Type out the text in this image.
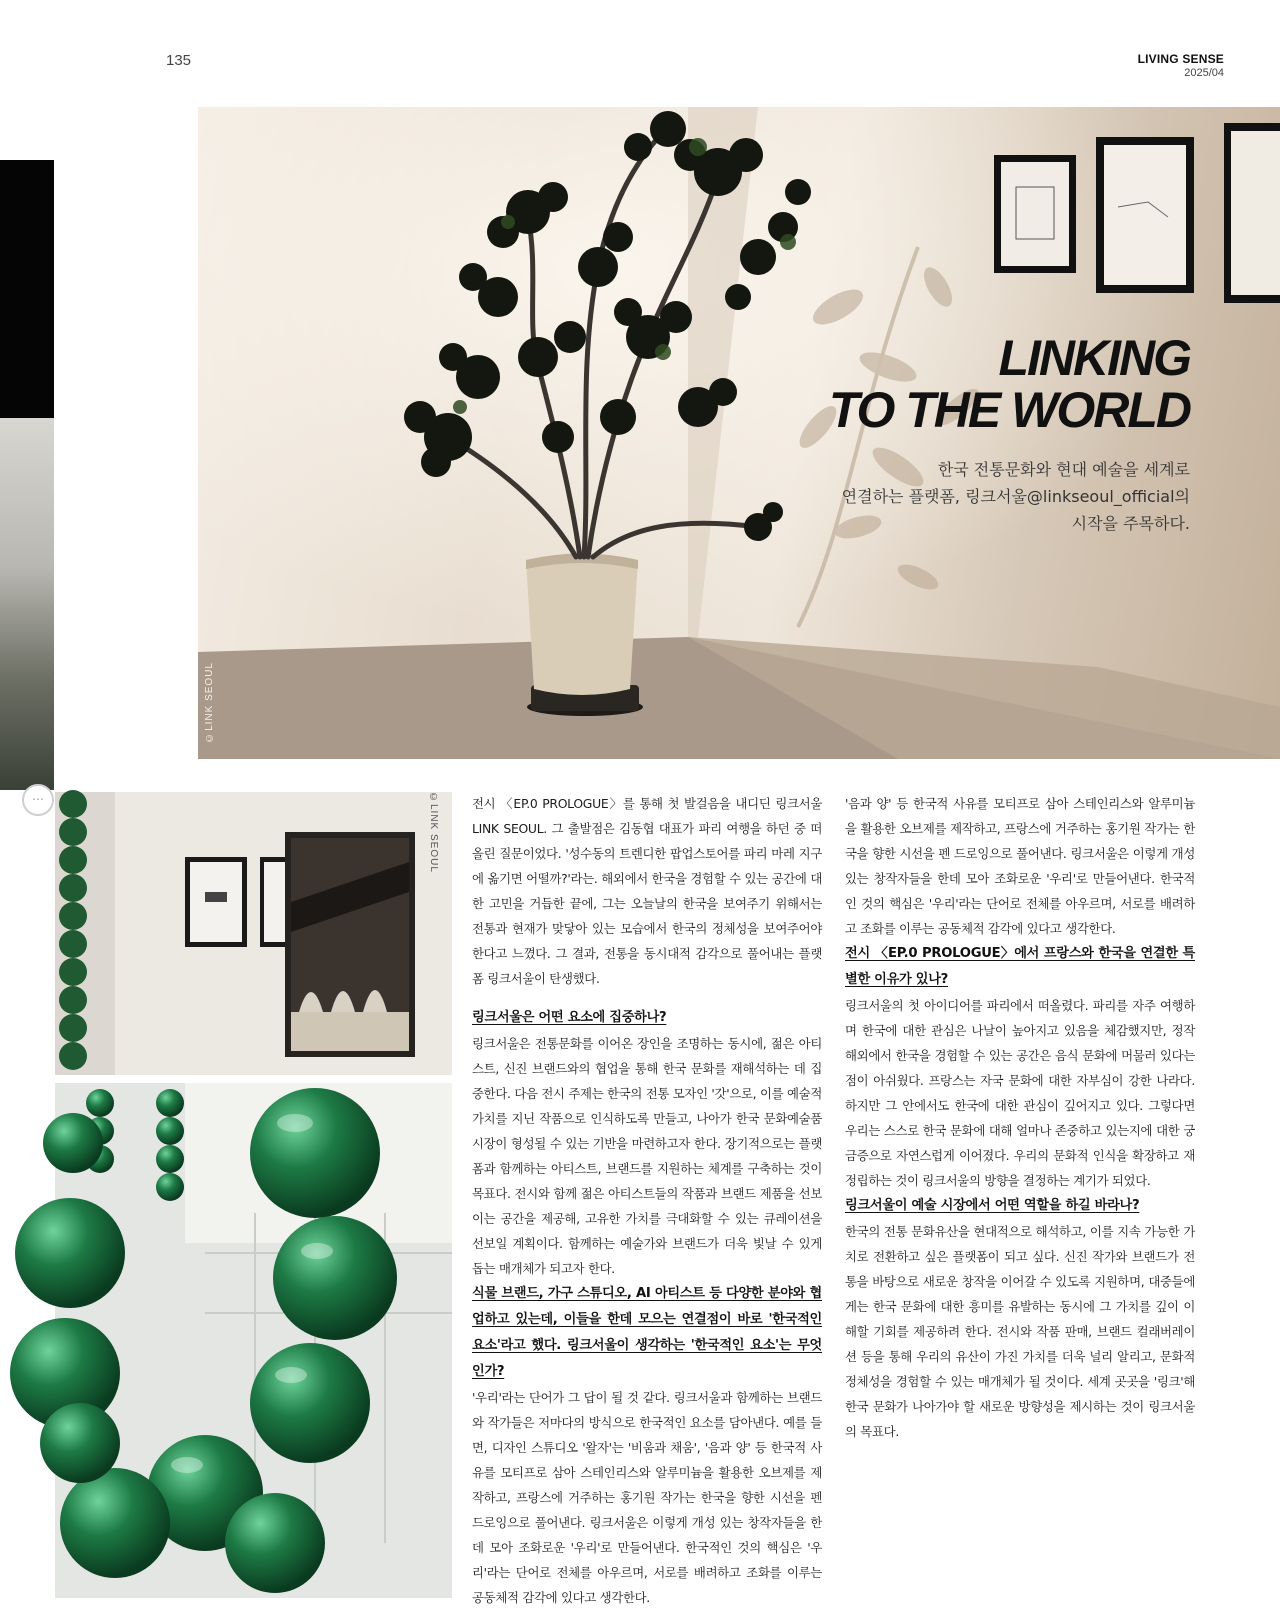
135	LIVING SENSE
2025/04
⋯
©LINK SEOUL
LINKING
TO THE WORLD
한국 전통문화와 현대 예술을 세계로
연결하는 플랫폼, 링크서울@linkseoul_official의
시작을 주목하다.
©LINK SEOUL	전시 〈EP.0 PROLOGUE〉를 통해 첫 발걸음을 내디딘 링크서울LINK SEOUL. 그 출발점은 김동협 대표가 파리 여행을 하던 중 떠올린 질문이었다. '성수동의 트렌디한 팝업스토어를 파리 마레 지구에 옮기면 어떨까?'라는. 해외에서 한국을 경험할 수 있는 공간에 대한 고민을 거듭한 끝에, 그는 오늘날의 한국을 보여주기 위해서는 전통과 현재가 맞닿아 있는 모습에서 한국의 정체성을 보여주어야 한다고 느꼈다. 그 결과, 전통을 동시대적 감각으로 풀어내는 플랫폼 링크서울이 탄생했다.

링크서울은 어떤 요소에 집중하나?

링크서울은 전통문화를 이어온 장인을 조명하는 동시에, 젊은 아티스트, 신진 브랜드와의 협업을 통해 한국 문화를 재해석하는 데 집중한다. 다음 전시 주제는 한국의 전통 모자인 '갓'으로, 이를 예술적 가치를 지닌 작품으로 인식하도록 만들고, 나아가 한국 문화예술품 시장이 형성될 수 있는 기반을 마련하고자 한다. 장기적으로는 플랫폼과 함께하는 아티스트, 브랜드를 지원하는 체계를 구축하는 것이 목표다. 전시와 함께 젊은 아티스트들의 작품과 브랜드 제품을 선보이는 공간을 제공해, 고유한 가치를 극대화할 수 있는 큐레이션을 선보일 계획이다. 함께하는 예술가와 브랜드가 더욱 빛날 수 있게 돕는 매개체가 되고자 한다.

식물 브랜드, 가구 스튜디오, AI 아티스트 등 다양한 분야와 협업하고 있는데, 이들을 한데 모으는 연결점이 바로 '한국적인 요소'라고 했다. 링크서울이 생각하는 '한국적인 요소'는 무엇인가?

'우리'라는 단어가 그 답이 될 것 같다. 링크서울과 함께하는 브랜드와 작가들은 저마다의 방식으로 한국적인 요소를 담아낸다. 예를 들면, 디자인 스튜디오 '왈자'는 '비움과 채움', '음과 양' 등 한국적 사유를 모티프로 삼아 스테인리스와 알루미늄을 활용한 오브제를 제작하고, 프랑스에 거주하는 홍기원 작가는 한국을 향한 시선을 펜 드로잉으로 풀어낸다. 링크서울은 이렇게 개성 있는 창작자들을 한데 모아 조화로운 '우리'로 만들어낸다. 한국적인 것의 핵심은 '우리'라는 단어로 전체를 아우르며, 서로를 배려하고 조화를 이루는 공동체적 감각에 있다고 생각한다.

'음과 양' 등 한국적 사유를 모티프로 삼아 스테인리스와 알루미늄을 활용한 오브제를 제작하고, 프랑스에 거주하는 홍기원 작가는 한국을 향한 시선을 펜 드로잉으로 풀어낸다. 링크서울은 이렇게 개성 있는 창작자들을 한데 모아 조화로운 '우리'로 만들어낸다. 한국적인 것의 핵심은 '우리'라는 단어로 전체를 아우르며, 서로를 배려하고 조화를 이루는 공동체적 감각에 있다고 생각한다.

전시 〈EP.0 PROLOGUE〉에서 프랑스와 한국을 연결한 특별한 이유가 있나?

링크서울의 첫 아이디어를 파리에서 떠올렸다. 파리를 자주 여행하며 한국에 대한 관심은 나날이 높아지고 있음을 체감했지만, 정작 해외에서 한국을 경험할 수 있는 공간은 음식 문화에 머물러 있다는 점이 아쉬웠다. 프랑스는 자국 문화에 대한 자부심이 강한 나라다. 하지만 그 안에서도 한국에 대한 관심이 깊어지고 있다. 그렇다면 우리는 스스로 한국 문화에 대해 얼마나 존중하고 있는지에 대한 궁금증으로 자연스럽게 이어졌다. 우리의 문화적 인식을 확장하고 재정립하는 것이 링크서울의 방향을 결정하는 계기가 되었다.

링크서울이 예술 시장에서 어떤 역할을 하길 바라나?

한국의 전통 문화유산을 현대적으로 해석하고, 이를 지속 가능한 가치로 전환하고 싶은 플랫폼이 되고 싶다. 신진 작가와 브랜드가 전통을 바탕으로 새로운 창작을 이어갈 수 있도록 지원하며, 대중들에게는 한국 문화에 대한 흥미를 유발하는 동시에 그 가치를 깊이 이해할 기회를 제공하려 한다. 전시와 작품 판매, 브랜드 컬래버레이션 등을 통해 우리의 유산이 가진 가치를 더욱 널리 알리고, 문화적 정체성을 경험할 수 있는 매개체가 될 것이다. 세계 곳곳을 '링크'해 한국 문화가 나아가야 할 새로운 방향성을 제시하는 것이 링크서울의 목표다.
